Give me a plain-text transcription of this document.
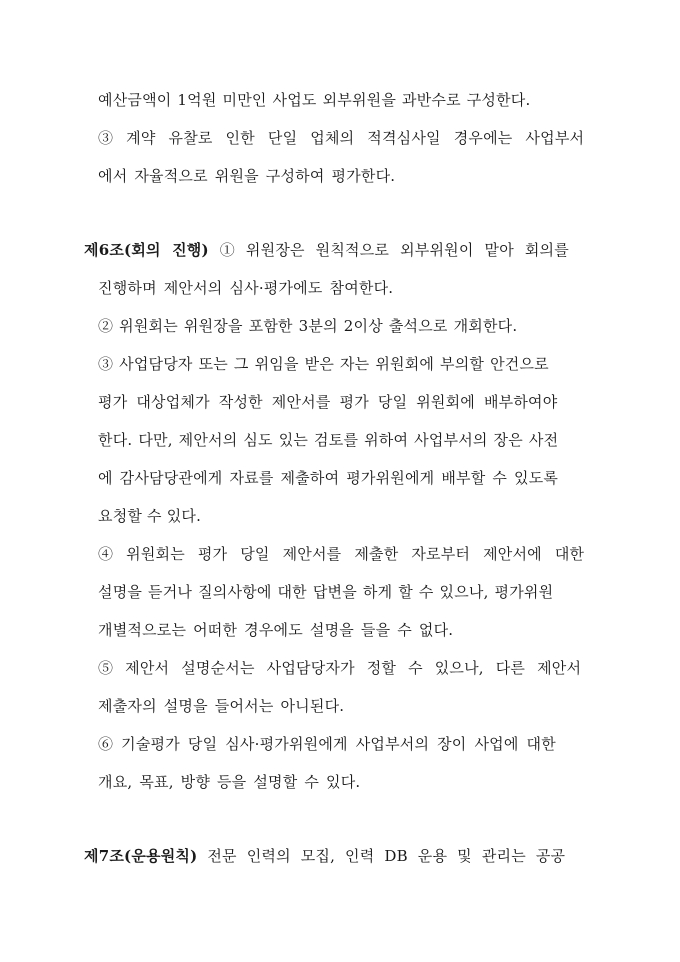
예산금액이 1억원 미만인 사업도 외부위원을 과반수로 구성한다.
③ 계약 유찰로 인한 단일 업체의 적격심사일 경우에는 사업부서
에서 자율적으로 위원을 구성하여 평가한다.
제6조(회의 진행) ① 위원장은 원칙적으로 외부위원이 맡아 회의를
진행하며 제안서의 심사·평가에도 참여한다.
② 위원회는 위원장을 포함한 3분의 2이상 출석으로 개회한다.
③ 사업담당자 또는 그 위임을 받은 자는 위원회에 부의할 안건으로
평가 대상업체가 작성한 제안서를 평가 당일 위원회에 배부하여야
한다. 다만, 제안서의 심도 있는 검토를 위하여 사업부서의 장은 사전
에 감사담당관에게 자료를 제출하여 평가위원에게 배부할 수 있도록
요청할 수 있다.
④ 위원회는 평가 당일 제안서를 제출한 자로부터 제안서에 대한
설명을 듣거나 질의사항에 대한 답변을 하게 할 수 있으나, 평가위원
개별적으로는 어떠한 경우에도 설명을 들을 수 없다.
⑤ 제안서 설명순서는 사업담당자가 정할 수 있으나, 다른 제안서
제출자의 설명을 들어서는 아니된다.
⑥ 기술평가 당일 심사·평가위원에게 사업부서의 장이 사업에 대한
개요, 목표, 방향 등을 설명할 수 있다.
제7조(운용원칙) 전문 인력의 모집, 인력 DB 운용 및 관리는 공공
